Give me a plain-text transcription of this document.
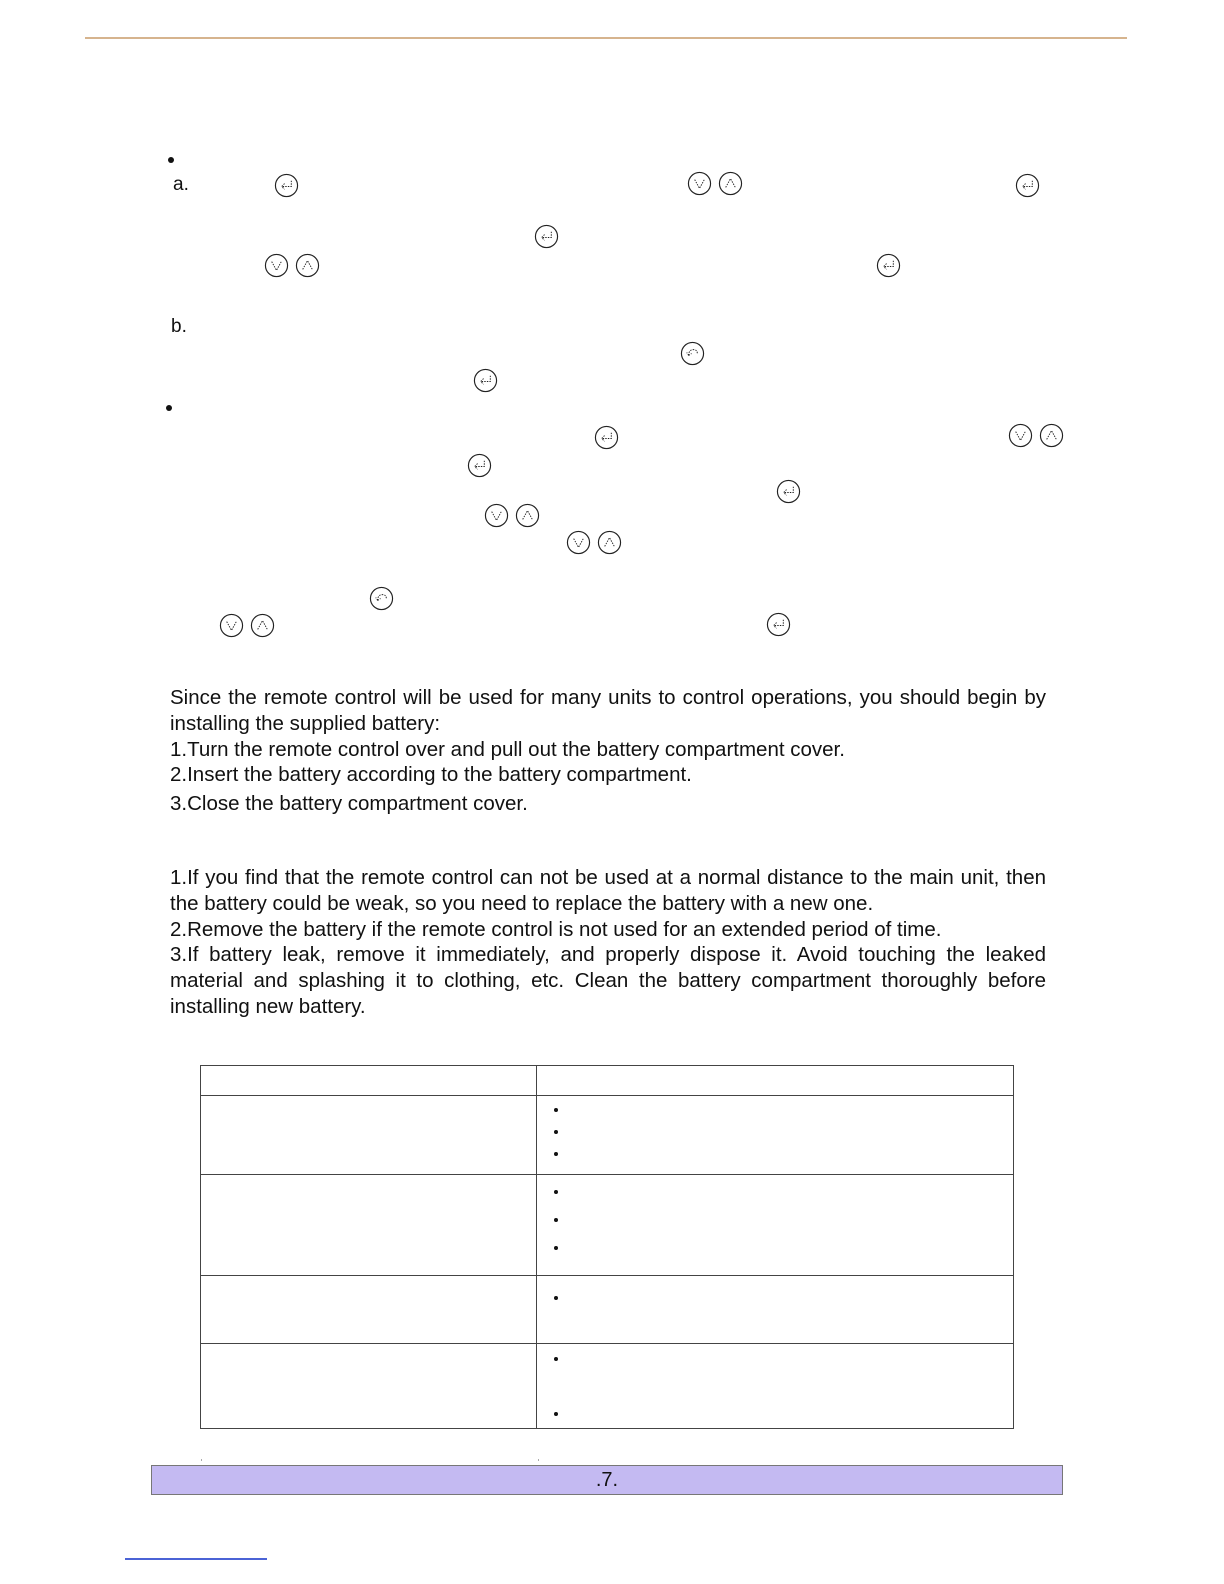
a.
b.

Since the remote control will be used for many units to control operations, you should begin by installing the supplied battery:

1.Turn the remote control over and pull out the battery compartment cover.

2.Insert the battery according to the battery compartment.

3.Close the battery compartment cover.

1.If you find that the remote control can not be used at a normal distance to the main unit, then the battery could be weak, so you need to replace the battery with a new one.

2.Remove the battery if the remote control is not used for an extended period of time.

3.If battery leak, remove it immediately, and properly dispose it. Avoid touching the leaked material and splashing it to clothing, etc. Clean the battery compartment thoroughly before installing new battery.

.7.
